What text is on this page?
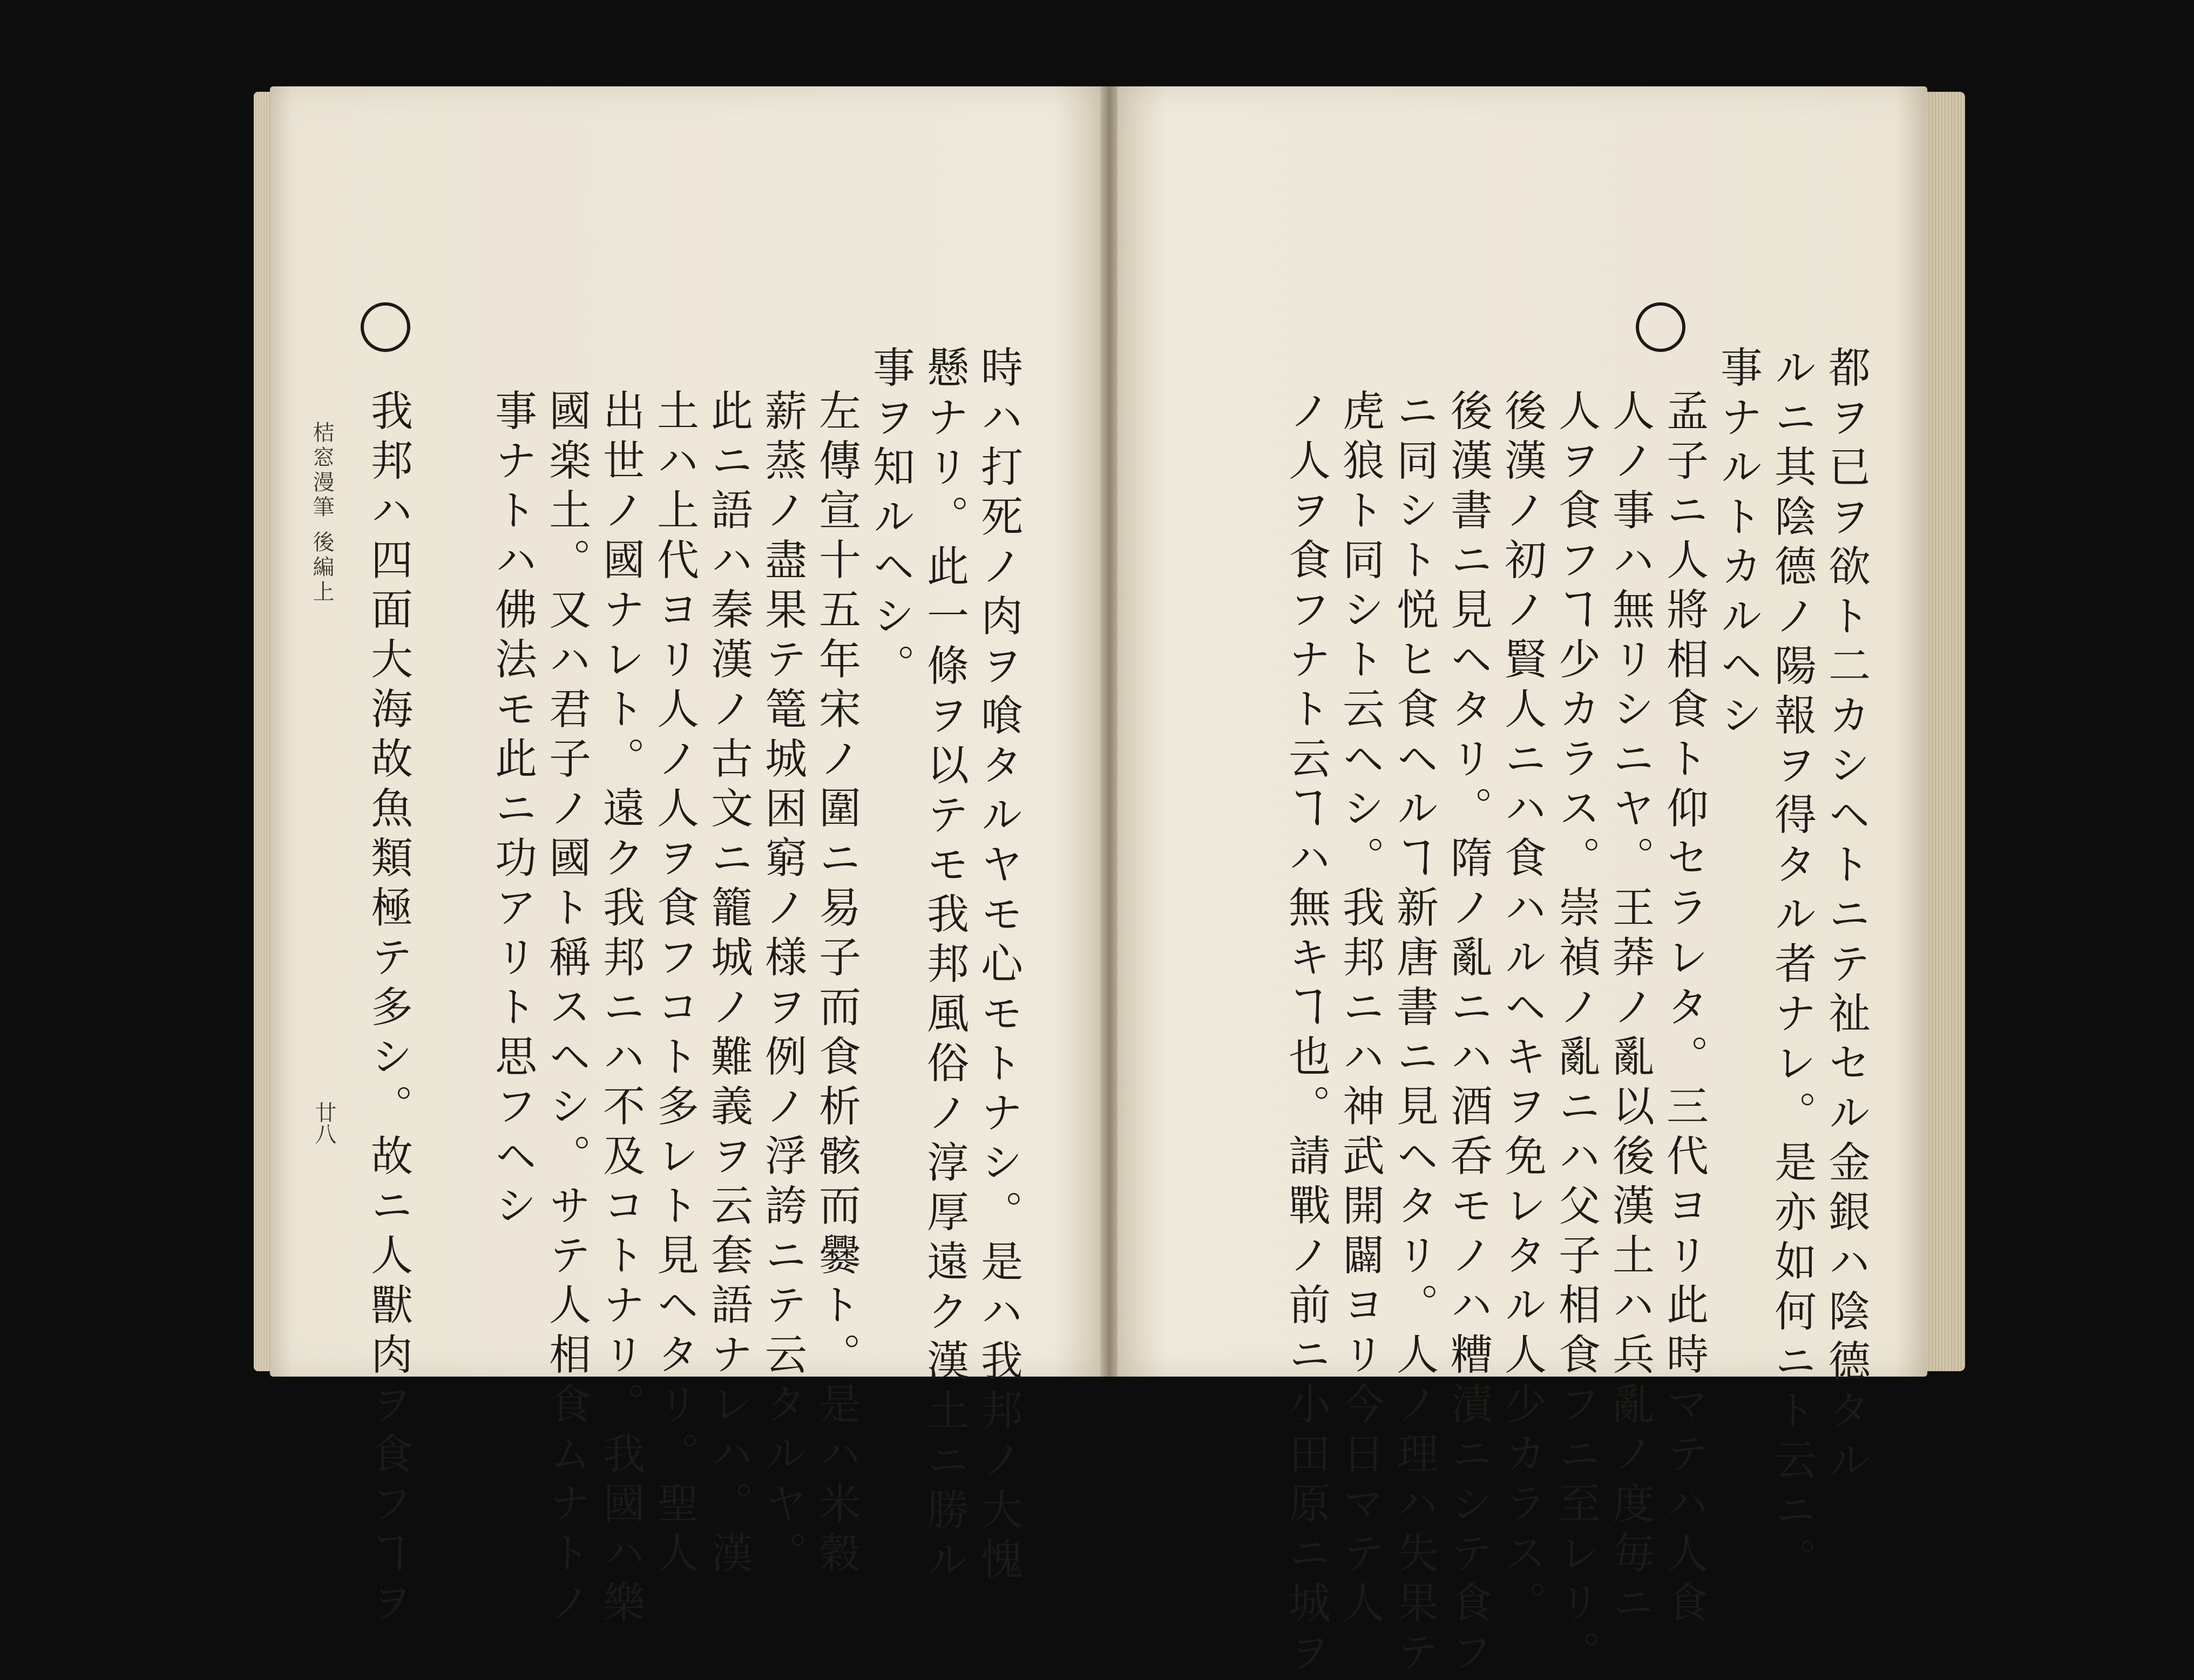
時ハ打死ノ肉ヲ喰タルヤモ心モトナシ。是ハ我邦ノ大愧
懸ナリ。此一條ヲ以テモ我邦風俗ノ淳厚遠ク漢土ニ勝ル
事ヲ知ルヘシ。
左傳宣十五年宋ノ圍ニ易子而食析骸而爨ト。是ハ米穀
薪蒸ノ盡果テ篭城困窮ノ様ヲ例ノ浮誇ニテ云タルヤ。
此ニ語ハ秦漢ノ古文ニ籠城ノ難義ヲ云套語ナレハ。漢
土ハ上代ヨリ人ノ人ヲ食フコト多レト見ヘタリ。聖人
出世ノ國ナレト。遠ク我邦ニハ不及コトナリ。我國ハ樂
國楽土。又ハ君子ノ國ト稱スヘシ。サテ人相食ムナトノ
事ナトハ佛法モ此ニ功アリト思フヘシ
我邦ハ四面大海故魚類極テ多シ。故ニ人獸肉ヲ食フヿヲ
桔窓漫筆 後編上
廿八	都ヲ已ヲ欲ト二カシヘトニテ祉セル金銀ハ陰德タル
ルニ其陰德ノ陽報ヲ得タル者ナレ。是亦如何ニト云ニ。
事ナルトカルヘシ
孟子ニ人將相食ト仰セラレタ。三代ヨリ此時マテハ人食
人ノ事ハ無リシニヤ。王莽ノ亂以後漢土ハ兵亂ノ度毎ニ
人ヲ食フヿ少カラス。崇禎ノ亂ニハ父子相食フニ至レリ。
後漢ノ初ノ賢人ニハ食ハルヘキヲ免レタル人少カラス。
後漢書ニ見ヘタリ。隋ノ亂ニハ酒呑モノハ糟漬ニシテ食フ
ニ同シト悦ヒ食ヘルヿ新唐書ニ見ヘタリ。人ノ理ハ失果テ
虎狼ト同シト云ヘシ。我邦ニハ神武開闢ヨリ今日マテ人
ノ人ヲ食フナト云ヿハ無キヿ也。請戰ノ前ニ小田原ニ城ヲ
